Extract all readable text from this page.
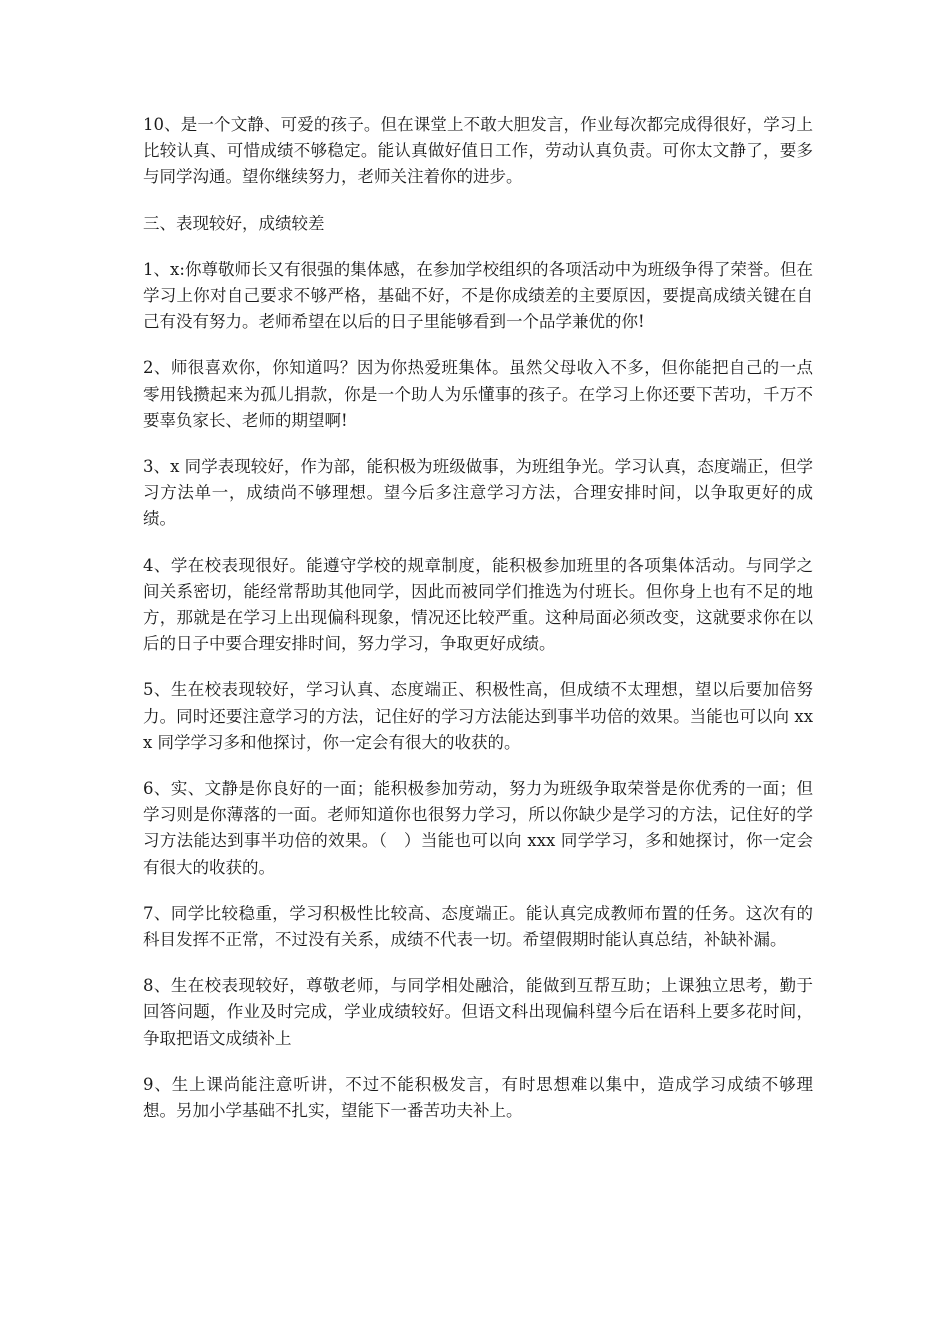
10、是一个文静、可爱的孩子。但在课堂上不敢大胆发言，作业每次都完成得很好，学习上比较认真、可惜成绩不够稳定。能认真做好值日工作，劳动认真负责。可你太文静了，要多与同学沟通。望你继续努力，老师关注着你的进步。

三、表现较好，成绩较差

1、x:你尊敬师长又有很强的集体感，在参加学校组织的各项活动中为班级争得了荣誉。但在学习上你对自己要求不够严格，基础不好，不是你成绩差的主要原因，要提高成绩关键在自己有没有努力。老师希望在以后的日子里能够看到一个品学兼优的你!

2、师很喜欢你，你知道吗？因为你热爱班集体。虽然父母收入不多，但你能把自己的一点零用钱攒起来为孤儿捐款，你是一个助人为乐懂事的孩子。在学习上你还要下苦功，千万不要辜负家长、老师的期望啊!

3、x 同学表现较好，作为部，能积极为班级做事，为班组争光。学习认真，态度端正，但学习方法单一，成绩尚不够理想。望今后多注意学习方法，合理安排时间，以争取更好的成绩。

4、学在校表现很好。能遵守学校的规章制度，能积极参加班里的各项集体活动。与同学之间关系密切，能经常帮助其他同学，因此而被同学们推选为付班长。但你身上也有不足的地方，那就是在学习上出现偏科现象，情况还比较严重。这种局面必须改变，这就要求你在以后的日子中要合理安排时间，努力学习，争取更好成绩。

5、生在校表现较好，学习认真、态度端正、积极性高，但成绩不太理想，望以后要加倍努力。同时还要注意学习的方法，记住好的学习方法能达到事半功倍的效果。当能也可以向 xxx 同学学习多和他探讨，你一定会有很大的收获的。

6、实、文静是你良好的一面；能积极参加劳动，努力为班级争取荣誉是你优秀的一面；但学习则是你薄落的一面。老师知道你也很努力学习，所以你缺少是学习的方法，记住好的学习方法能达到事半功倍的效果。（　）当能也可以向 xxx 同学学习，多和她探讨，你一定会有很大的收获的。

7、同学比较稳重，学习积极性比较高、态度端正。能认真完成教师布置的任务。这次有的科目发挥不正常，不过没有关系，成绩不代表一切。希望假期时能认真总结，补缺补漏。

8、生在校表现较好，尊敬老师，与同学相处融洽，能做到互帮互助；上课独立思考，勤于回答问题，作业及时完成，学业成绩较好。但语文科出现偏科望今后在语科上要多花时间，争取把语文成绩补上

9、生上课尚能注意听讲，不过不能积极发言，有时思想难以集中，造成学习成绩不够理想。另加小学基础不扎实，望能下一番苦功夫补上。
